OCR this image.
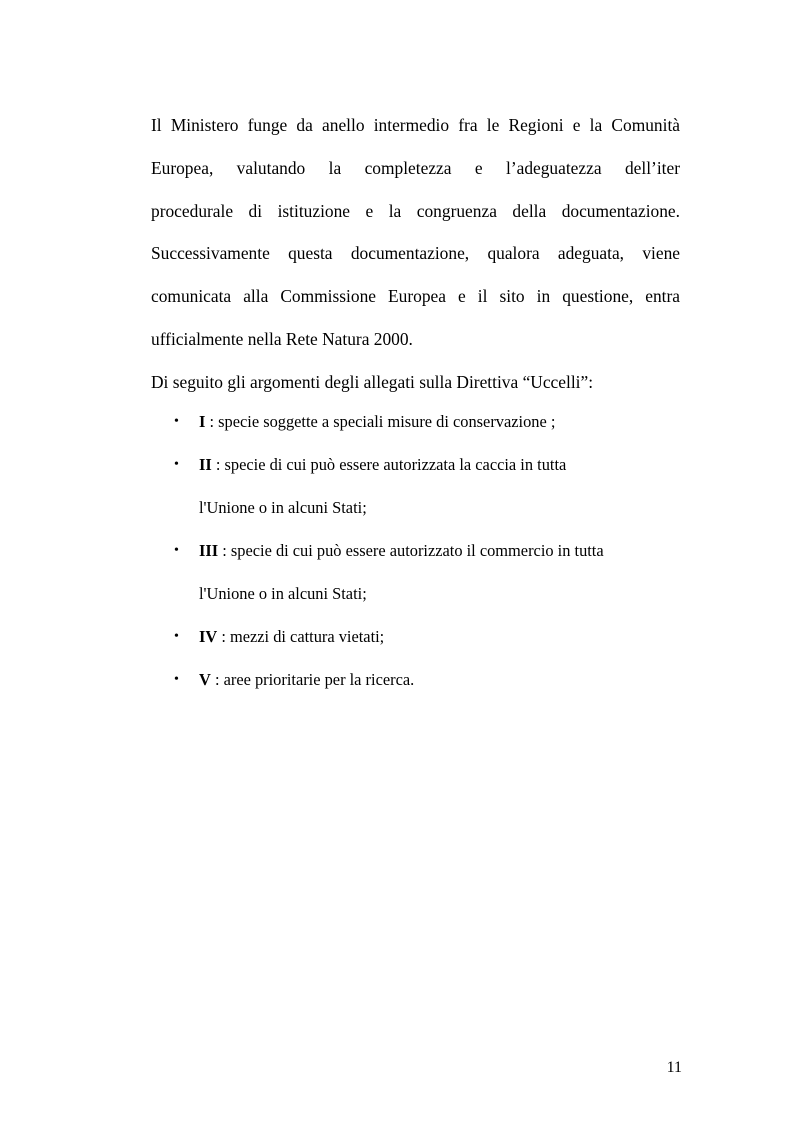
Il Ministero funge da anello intermedio fra le Regioni e la Comunità
Europea, valutando la completezza e l’adeguatezza dell’iter
procedurale di istituzione e la congruenza della documentazione.
Successivamente questa documentazione, qualora adeguata, viene
comunicata alla Commissione Europea e il sito in questione, entra
ufficialmente nella Rete Natura 2000.
Di seguito gli argomenti degli allegati sulla Direttiva “Uccelli”:
• I : specie soggette a speciali misure di conservazione ;
• II : specie di cui può essere autorizzata la caccia in tutta
l'Unione o in alcuni Stati;
• III : specie di cui può essere autorizzato il commercio in tutta
l'Unione o in alcuni Stati;
• IV : mezzi di cattura vietati;
• V : aree prioritarie per la ricerca.
11
